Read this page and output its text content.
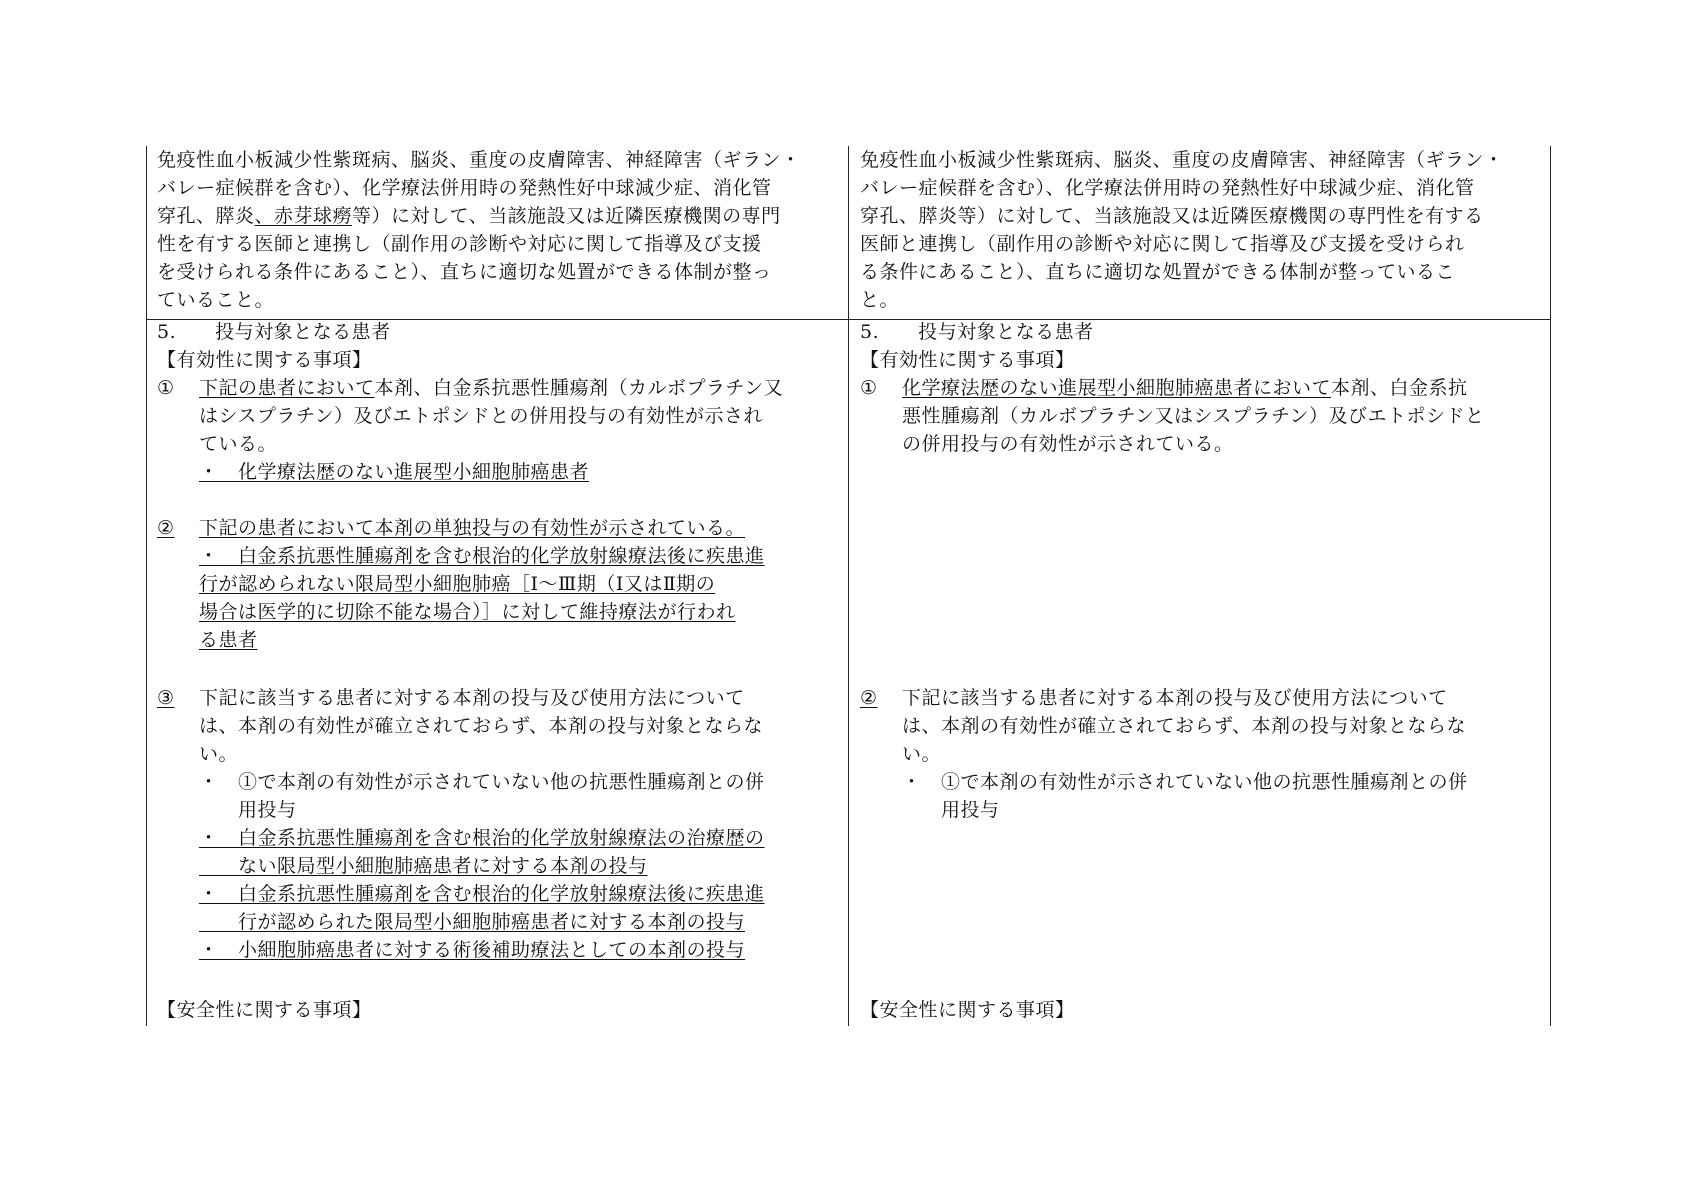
免疫性血小板減少性紫斑病、脳炎、重度の皮膚障害、神経障害（ギラン・
バレー症候群を含む）、化学療法併用時の発熱性好中球減少症、消化管
穿孔、膵炎、赤芽球癆等）に対して、当該施設又は近隣医療機関の専門
性を有する医師と連携し（副作用の診断や対応に関して指導及び支援
を受けられる条件にあること）、直ちに適切な処置ができる体制が整っ
ていること。
5.　　投与対象となる患者
【有効性に関する事項】
① 下記の患者において本剤、白金系抗悪性腫瘍剤（カルボプラチン又
はシスプラチン）及びエトポシドとの併用投与の有効性が示され
ている。
・　化学療法歴のない進展型小細胞肺癌患者
② 下記の患者において本剤の単独投与の有効性が示されている。
・　白金系抗悪性腫瘍剤を含む根治的化学放射線療法後に疾患進
行が認められない限局型小細胞肺癌［Ⅰ～Ⅲ期（Ⅰ又はⅡ期の
場合は医学的に切除不能な場合）］に対して維持療法が行われ
る患者
③ 下記に該当する患者に対する本剤の投与及び使用方法について
は、本剤の有効性が確立されておらず、本剤の投与対象とならな
い。
・　①で本剤の有効性が示されていない他の抗悪性腫瘍剤との併
　　用投与
・　白金系抗悪性腫瘍剤を含む根治的化学放射線療法の治療歴の
　　ない限局型小細胞肺癌患者に対する本剤の投与
・　白金系抗悪性腫瘍剤を含む根治的化学放射線療法後に疾患進
　　行が認められた限局型小細胞肺癌患者に対する本剤の投与
・　小細胞肺癌患者に対する術後補助療法としての本剤の投与
【安全性に関する事項】
免疫性血小板減少性紫斑病、脳炎、重度の皮膚障害、神経障害（ギラン・
バレー症候群を含む）、化学療法併用時の発熱性好中球減少症、消化管
穿孔、膵炎等）に対して、当該施設又は近隣医療機関の専門性を有する
医師と連携し（副作用の診断や対応に関して指導及び支援を受けられ
る条件にあること）、直ちに適切な処置ができる体制が整っているこ
と。
5.　　投与対象となる患者
【有効性に関する事項】
① 化学療法歴のない進展型小細胞肺癌患者において本剤、白金系抗
悪性腫瘍剤（カルボプラチン又はシスプラチン）及びエトポシドと
の併用投与の有効性が示されている。
② 下記に該当する患者に対する本剤の投与及び使用方法について
は、本剤の有効性が確立されておらず、本剤の投与対象とならな
い。
・　①で本剤の有効性が示されていない他の抗悪性腫瘍剤との併
　　用投与
【安全性に関する事項】
